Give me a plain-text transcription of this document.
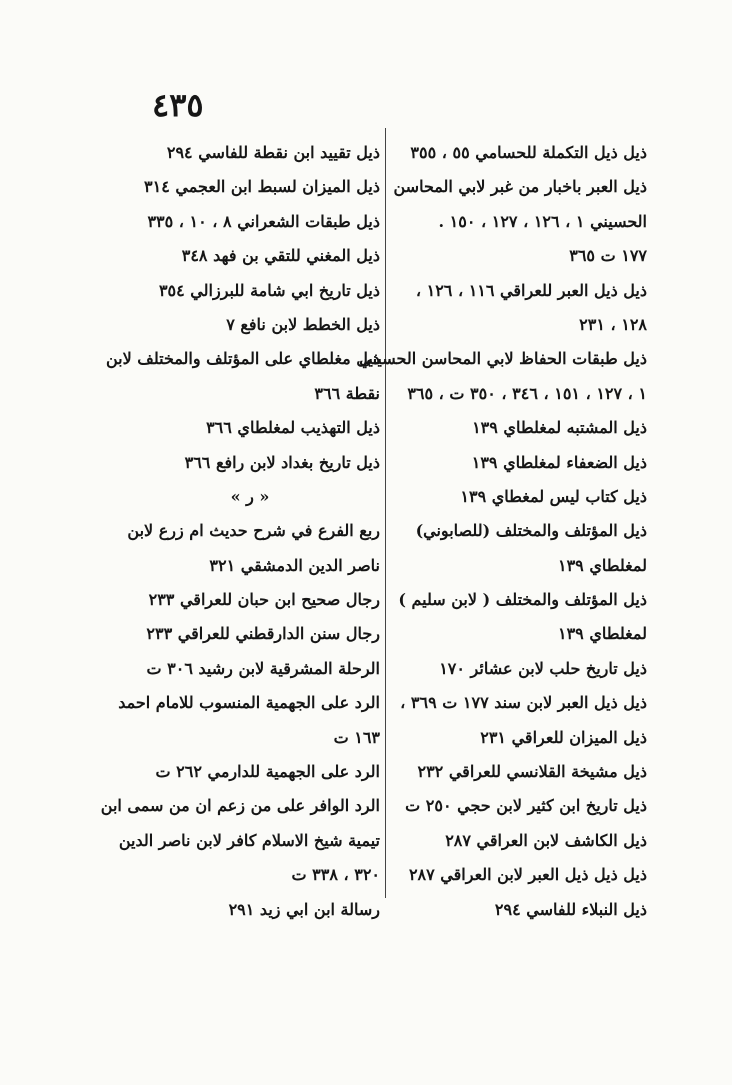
٤٣٥
ذيل ذيل التكملة للحسامي ٥٥ ، ٣٥٥
ذيل العبر باخبار من غبر لابي المحاسن
الحسيني ١ ، ١٢٦ ، ١٢٧ ، ١٥٠ .
١٧٧ ت ٣٦٥
ذيل ذيل العبر للعراقي ١١٦ ، ١٢٦ ،
١٢٨ ، ٢٣١
ذيل طبقات الحفاظ لابي المحاسن الحسيني
١ ، ١٢٧ ، ١٥١ ، ٣٤٦ ، ٣٥٠ ت ، ٣٦٥
ذيل المشتبه لمغلطاي ١٣٩
ذيل الضعفاء لمغلطاي ١٣٩
ذيل كتاب ليس لمغطاي ١٣٩
ذيل المؤتلف والمختلف (للصابوني)
لمغلطاي ١٣٩
ذيل المؤتلف والمختلف ( لابن سليم )
لمغلطاي ١٣٩
ذيل تاريخ حلب لابن عشائر ١٧٠
ذيل ذيل العبر لابن سند ١٧٧ ت ٣٦٩ ،
ذيل الميزان للعراقي ٢٣١
ذيل مشيخة القلانسي للعراقي ٢٣٢
ذيل تاريخ ابن كثير لابن حجي ٢٥٠ ت
ذيل الكاشف لابن العراقي ٢٨٧
ذيل ذيل ذيل العبر لابن العراقي ٢٨٧
ذيل النبلاء للفاسي ٢٩٤
ذيل تقييد ابن نقطة للفاسي ٢٩٤
ذيل الميزان لسبط ابن العجمي ٣١٤
ذيل طبقات الشعراني ٨ ، ١٠ ، ٣٣٥
ذيل المغني للتقي بن فهد ٣٤٨
ذيل تاريخ ابي شامة للبرزالي ٣٥٤
ذيل الخطط لابن نافع ٧
ذيل مغلطاي على المؤتلف والمختلف لابن
نقطة ٣٦٦
ذيل التهذيب لمغلطاي ٣٦٦
ذيل تاريخ بغداد لابن رافع ٣٦٦
« ر »
ربع الفرع في شرح حديث ام زرع لابن
ناصر الدين الدمشقي ٣٢١
رجال صحيح ابن حبان للعراقي ٢٣٣
رجال سنن الدارقطني للعراقي ٢٣٣
الرحلة المشرقية لابن رشيد ٣٠٦ ت
الرد على الجهمية المنسوب للامام احمد
١٦٣ ت
الرد على الجهمية للدارمي ٢٦٢ ت
الرد الوافر على من زعم ان من سمى ابن
تيمية شيخ الاسلام كافر لابن ناصر الدين
٣٢٠ ، ٣٣٨ ت
رسالة ابن ابي زيد ٢٩١
